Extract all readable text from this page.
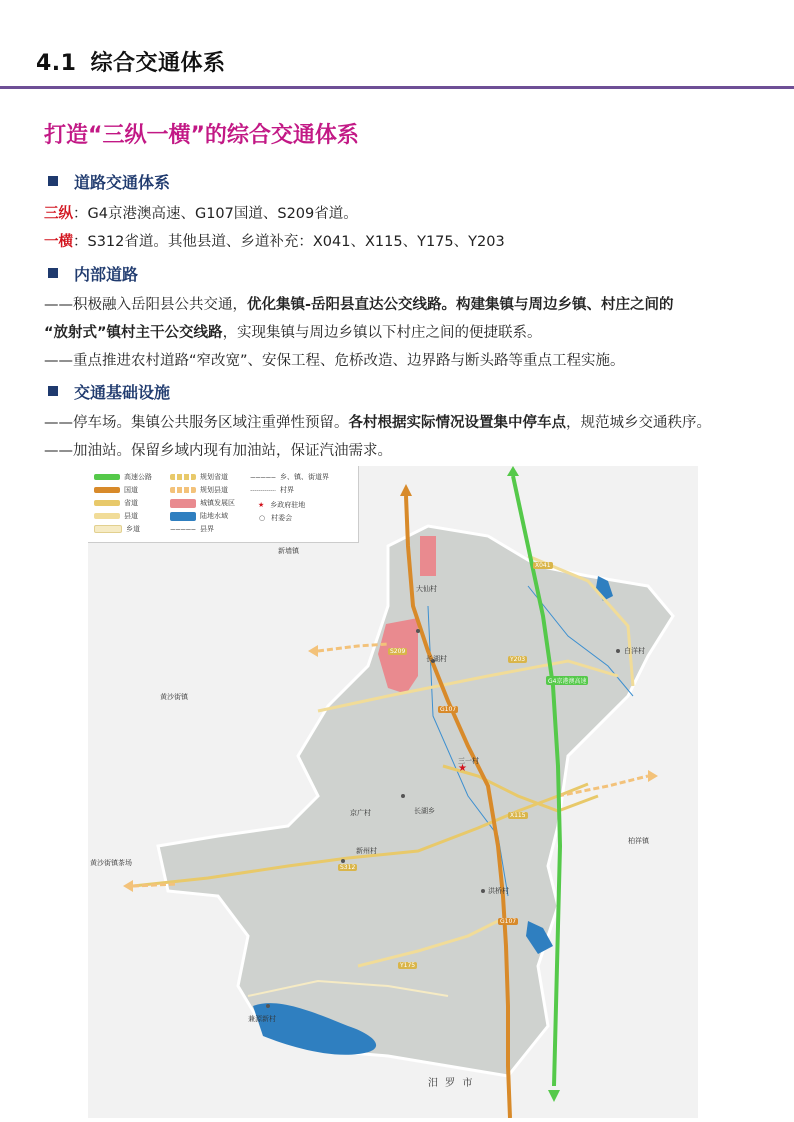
4.1 综合交通体系
打造“三纵一横”的综合交通体系
道路交通体系
三纵：G4京港澳高速、G107国道、S209省道。
一横：S312省道。其他县道、乡道补充：X041、X115、Y175、Y203
内部道路
——积极融入岳阳县公共交通，优化集镇-岳阳县直达公交线路。构建集镇与周边乡镇、村庄之间的
“放射式”镇村主干公交线路，实现集镇与周边乡镇以下村庄之间的便捷联系。
——重点推进农村道路“窄改宽”、安保工程、危桥改造、边界路与断头路等重点工程实施。
交通基础设施
——停车场。集镇公共服务区域注重弹性预留。各村根据实际情况设置集中停车点，规范城乡交通秩序。
——加油站。保留乡域内现有加油站，保证汽油需求。
★
高速公路
国道
省道
县道
乡道
规划省道
规划县道
城镇发展区
陆地水域
县界
乡、镇、街道界
村界
★ 乡政府驻地
○ 村委会
新墙镇
黄沙街镇
黄沙街镇茶场
柏祥镇
汨 罗 市
大仙村
长湖村
白洋村
新州村
京广村	长湖乡
三一村
洪桥村
兼源新村
G107
G107
G4京港澳高速
S312
Y203
X115
Y175
X041
S209
